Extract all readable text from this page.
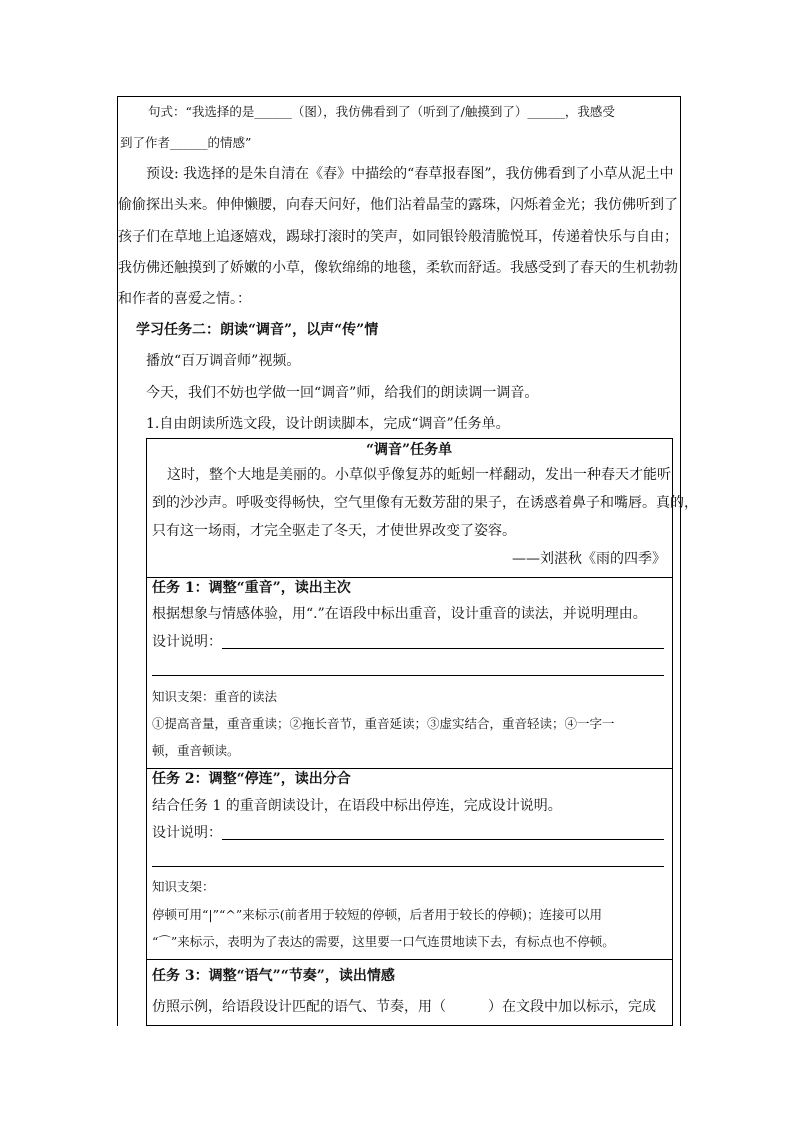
句式：“我选择的是______（图），我仿佛看到了（听到了/触摸到了）______，我感受
到了作者______的情感”
预设: 我选择的是朱自清在《春》中描绘的“春草报春图”，我仿佛看到了小草从泥土中
偷偷探出头来。伸伸懒腰，向春天问好，他们沾着晶莹的露珠，闪烁着金光；我仿佛听到了
孩子们在草地上追逐嬉戏，踢球打滚时的笑声，如同银铃般清脆悦耳，传递着快乐与自由；
我仿佛还触摸到了娇嫩的小草，像软绵绵的地毯，柔软而舒适。我感受到了春天的生机勃勃
和作者的喜爱之情。：
学习任务二：朗读“调音”，以声“传”情
播放“百万调音师”视频。
今天，我们不妨也学做一回“调音”师，给我们的朗读调一调音。
1.自由朗读所选文段，设计朗读脚本，完成“调音”任务单。
“调音”任务单
这时，整个大地是美丽的。小草似乎像复苏的蚯蚓一样翻动，发出一种春天才能听
到的沙沙声。呼吸变得畅快，空气里像有无数芳甜的果子，在诱惑着鼻子和嘴唇。真的，
只有这一场雨，才完全驱走了冬天，才使世界改变了姿容。
——刘湛秋《雨的四季》
任务 1：调整“重音”，读出主次
根据想象与情感体验，用“.”在语段中标出重音，设计重音的读法，并说明理由。
设计说明：
知识支架：重音的读法
①提高音量，重音重读；②拖长音节，重音延读；③虚实结合，重音轻读；④一字一
顿，重音顿读。
任务 2：调整“停连”，读出分合
结合任务 1 的重音朗读设计，在语段中标出停连，完成设计说明。
设计说明：
知识支架：
停顿可用“|”“^”来标示(前者用于较短的停顿，后者用于较长的停顿)；连接可以用
“⌒”来标示，表明为了表达的需要，这里要一口气连贯地读下去，有标点也不停顿。
任务 3：调整“语气”“节奏”，读出情感
仿照示例，给语段设计匹配的语气、节奏，用（　　　）在文段中加以标示，完成
